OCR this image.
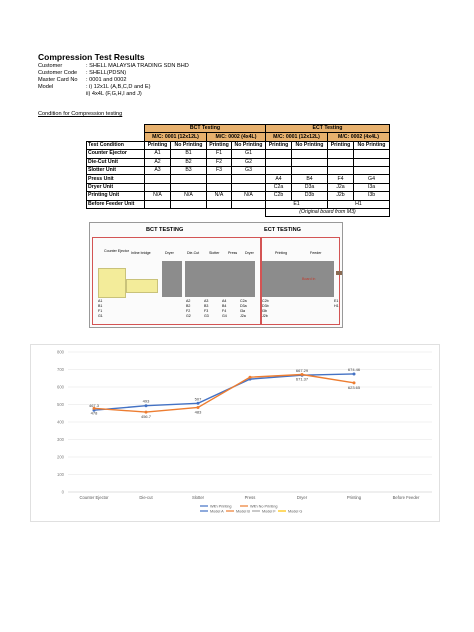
Compression Test Results
Customer	: SHELL MALAYSIA TRADING SDN BHD
Customer Code	: SHELL(PDSN)
Master Card No	: 0001 and 0002
Model	: i) 12x1L (A,B,C,D and E)
ii) 4x4L (F,G,H,I and J)
Condition for Compression testing
	BCT Testing				ECT Testing			
	M/C: 0001 (12x12L)		M/C: 0002 (4x4L)		M/C: 0001 (12x12L)		M/C: 0002 (4x4L)	
Test Condition	Printing	No Printing	Printing	No Printing	Printing	No Printing	Printing	No Printing
Counter Ejector	A1	B1	F1	G1				
Die-Cut Unit	A2	B2	F2	G2				
Slotter Unit	A3	B3	F3	G3				
Press Unit					A4	B4	F4	G4
Dryer Unit					C2a	D3a	J2a	I3a
Printing Unit	N/A	N/A	N/A	N/A	C2b	D3b	J2b	I3b
Before Feeder Unit					E1		H1	
					(Original board from M3)			
BCT TESTING	ECT TESTING
Counter Ejector Inline bridge	Dryer	Die-Cut	Slotter Press Dryer	Printing	Feeder
Board in
A1
B1
F1
G1
A2
B2
F2
G2
A3
B3
F3
G3
A4
B4
F4
G4
C2a
D3a
I3a
J2a
C2b
D3b
I3b
J2b
E1
H1
0
100
200
300
400
500
600
700
800
Counter Ejector	Die-cut	Slotter	Press	Dryer	Printing	Before Feeder
467.3
478
493
456.7
507
483
667.29
671.37
674.46
623.65
With Printing	With No Printing
Model A	Model B	Model F	Model G
